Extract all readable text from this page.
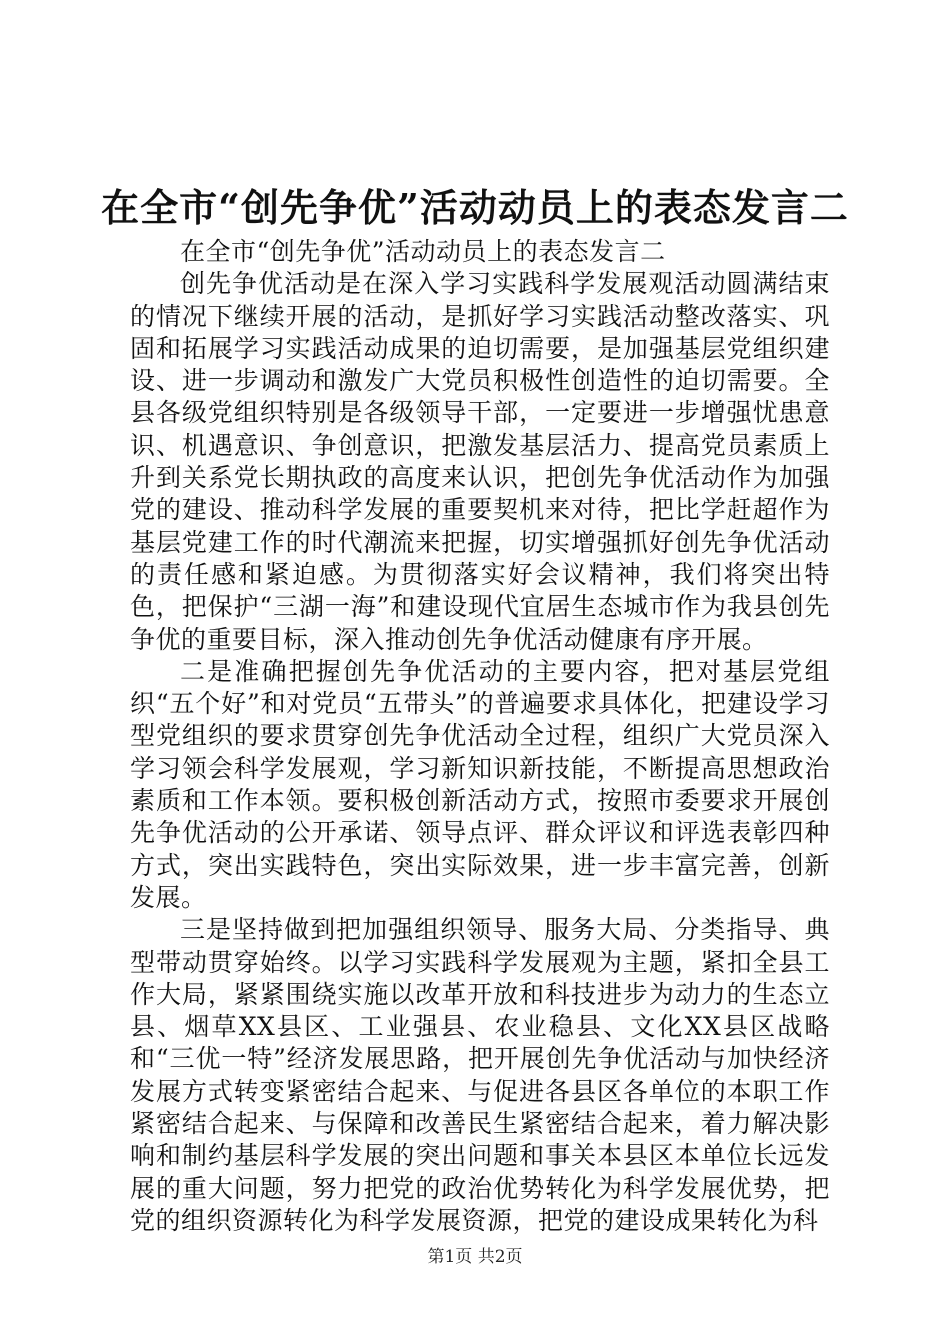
在全市“创先争优”活动动员上的表态发言二

在全市“创先争优”活动动员上的表态发言二

创先争优活动是在深入学习实践科学发展观活动圆满结束的情况下继续开展的活动，是抓好学习实践活动整改落实、巩固和拓展学习实践活动成果的迫切需要，是加强基层党组织建设、进一步调动和激发广大党员积极性创造性的迫切需要。全县各级党组织特别是各级领导干部，一定要进一步增强忧患意识、机遇意识、争创意识，把激发基层活力、提高党员素质上升到关系党长期执政的高度来认识，把创先争优活动作为加强党的建设、推动科学发展的重要契机来对待，把比学赶超作为基层党建工作的时代潮流来把握，切实增强抓好创先争优活动的责任感和紧迫感。为贯彻落实好会议精神，我们将突出特色，把保护“三湖一海”和建设现代宜居生态城市作为我县创先争优的重要目标，深入推动创先争优活动健康有序开展。

二是准确把握创先争优活动的主要内容，把对基层党组织“五个好”和对党员“五带头”的普遍要求具体化，把建设学习型党组织的要求贯穿创先争优活动全过程，组织广大党员深入学习领会科学发展观，学习新知识新技能，不断提高思想政治素质和工作本领。要积极创新活动方式，按照市委要求开展创先争优活动的公开承诺、领导点评、群众评议和评选表彰四种方式，突出实践特色，突出实际效果，进一步丰富完善，创新发展。

三是坚持做到把加强组织领导、服务大局、分类指导、典型带动贯穿始终。以学习实践科学发展观为主题，紧扣全县工作大局，紧紧围绕实施以改革开放和科技进步为动力的生态立县、烟草XX县区、工业强县、农业稳县、文化XX县区战略和“三优一特”经济发展思路，把开展创先争优活动与加快经济发展方式转变紧密结合起来、与促进各县区各单位的本职工作紧密结合起来、与保障和改善民生紧密结合起来，着力解决影响和制约基层科学发展的突出问题和事关本县区本单位长远发展的重大问题，努力把党的政治优势转化为科学发展优势，把党的组织资源转化为科学发展资源，把党的建设成果转化为科

第1页 共2页
